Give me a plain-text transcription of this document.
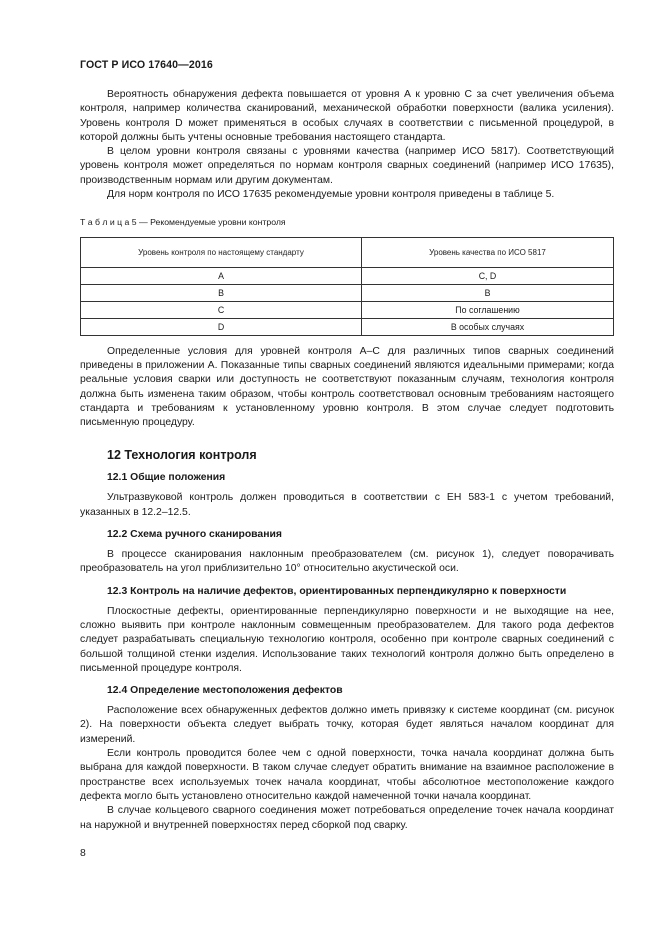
ГОСТ Р ИСО 17640—2016

Вероятность обнаружения дефекта повышается от уровня А к уровню С за счет увеличения объема контроля, например количества сканирований, механической обработки поверхности (валика усиления). Уровень контроля D может применяться в особых случаях в соответствии с письменной процедурой, в которой должны быть учтены основные требования настоящего стандарта.

В целом уровни контроля связаны с уровнями качества (например ИСО 5817). Соответствующий уровень контроля может определяться по нормам контроля сварных соединений (например ИСО 17635), производственным нормам или другим документам.

Для норм контроля по ИСО 17635 рекомендуемые уровни контроля приведены в таблице 5.

Т а б л и ц а 5 — Рекомендуемые уровни контроля

Уровень контроля по настоящему стандарту	Уровень качества по ИСО 5817
А	С, D
В	В
С	По соглашению
D	В особых случаях

Определенные условия для уровней контроля А–С для различных типов сварных соединений приведены в приложении А. Показанные типы сварных соединений являются идеальными примерами; когда реальные условия сварки или доступность не соответствуют показанным случаям, технология контроля должна быть изменена таким образом, чтобы контроль соответствовал основным требованиям настоящего стандарта и требованиям к установленному уровню контроля. В этом случае следует подготовить письменную процедуру.

12 Технология контроля
12.1 Общие положения

Ультразвуковой контроль должен проводиться в соответствии с ЕН 583-1 с учетом требований, указанных в 12.2–12.5.

12.2 Схема ручного сканирования

В процессе сканирования наклонным преобразователем (см. рисунок 1), следует поворачивать преобразователь на угол приблизительно 10° относительно акустической оси.

12.3 Контроль на наличие дефектов, ориентированных перпендикулярно к поверхности

Плоскостные дефекты, ориентированные перпендикулярно поверхности и не выходящие на нее, сложно выявить при контроле наклонным совмещенным преобразователем. Для такого рода дефектов следует разрабатывать специальную технологию контроля, особенно при контроле сварных соединений с большой толщиной стенки изделия. Использование таких технологий контроля должно быть определено в письменной процедуре контроля.

12.4 Определение местоположения дефектов

Расположение всех обнаруженных дефектов должно иметь привязку к системе координат (см. рисунок 2). На поверхности объекта следует выбрать точку, которая будет являться началом координат для измерений.

Если контроль проводится более чем с одной поверхности, точка начала координат должна быть выбрана для каждой поверхности. В таком случае следует обратить внимание на взаимное расположение в пространстве всех используемых точек начала координат, чтобы абсолютное местоположение каждого дефекта могло быть установлено относительно каждой намеченной точки начала координат.

В случае кольцевого сварного соединения может потребоваться определение точек начала координат на наружной и внутренней поверхностях перед сборкой под сварку.

8
